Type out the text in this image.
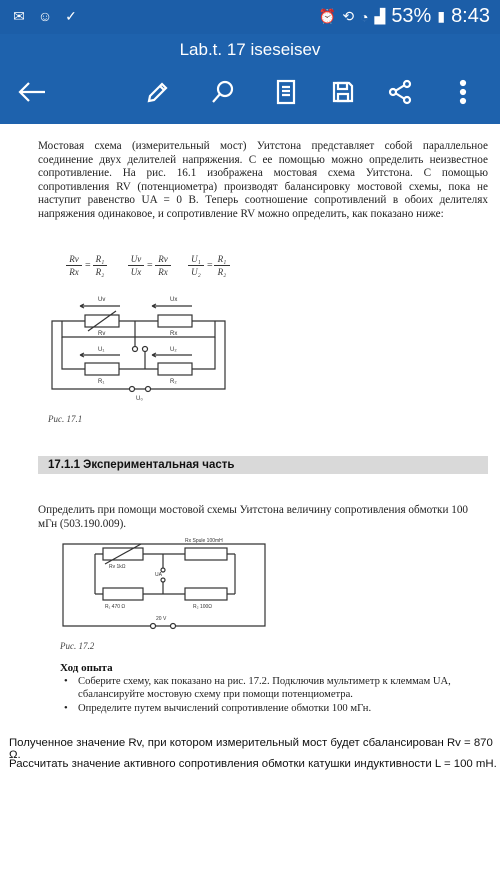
✉ ☺ ✓	⏰ ⟲ ◔ ▟ 53% ▮ 8:43
Lab.t. 17 iseseisev
Мостовая схема (измерительный мост) Уитстона представляет собой параллельное соединение двух делителей напряжения. С ее помощью можно определить неизвестное сопротивление. На рис. 16.1 изображена мостовая схема Уитстона. С помощью сопротивления RV (потенциометра) производят балансировку мостовой схемы, пока не наступит равенство UA = 0 В. Теперь соотношение сопротивлений в обоих делителях напряжения одинаковое, и сопротивление RV можно определить, как показано ниже:
Rv
Rx
=
R₁
R₂
Uv
Ux
=
Rv
Rx
U₁
U₂
=
R₁
R₂
Uv	Ux
Rv	Rx
U₁	U₂
R₁	R₂
U₀
Рис. 17.1
17.1.1 Экспериментальная часть
Определить при помощи мостовой схемы Уитстона величину сопротивления обмотки 100 мГн (503.190.009).
Rv 1kΩ
Rx Spule 100mH
UA
R₁ 470 Ω	R₂ 100Ω
20 V
Рис. 17.2
Ход опыта
• Соберите схему, как показано на рис. 17.2. Подключив мультиметр к клеммам UA, сбалансируйте мостовую схему при помощи потенциометра.
• Определите путем вычислений сопротивление обмотки 100 мГн.
Полученное значение Rv, при котором измерительный мост будет сбалансирован Rv = 870 Ω.
Рассчитать значение активного сопротивления обмотки катушки индуктивности L = 100 mH.
